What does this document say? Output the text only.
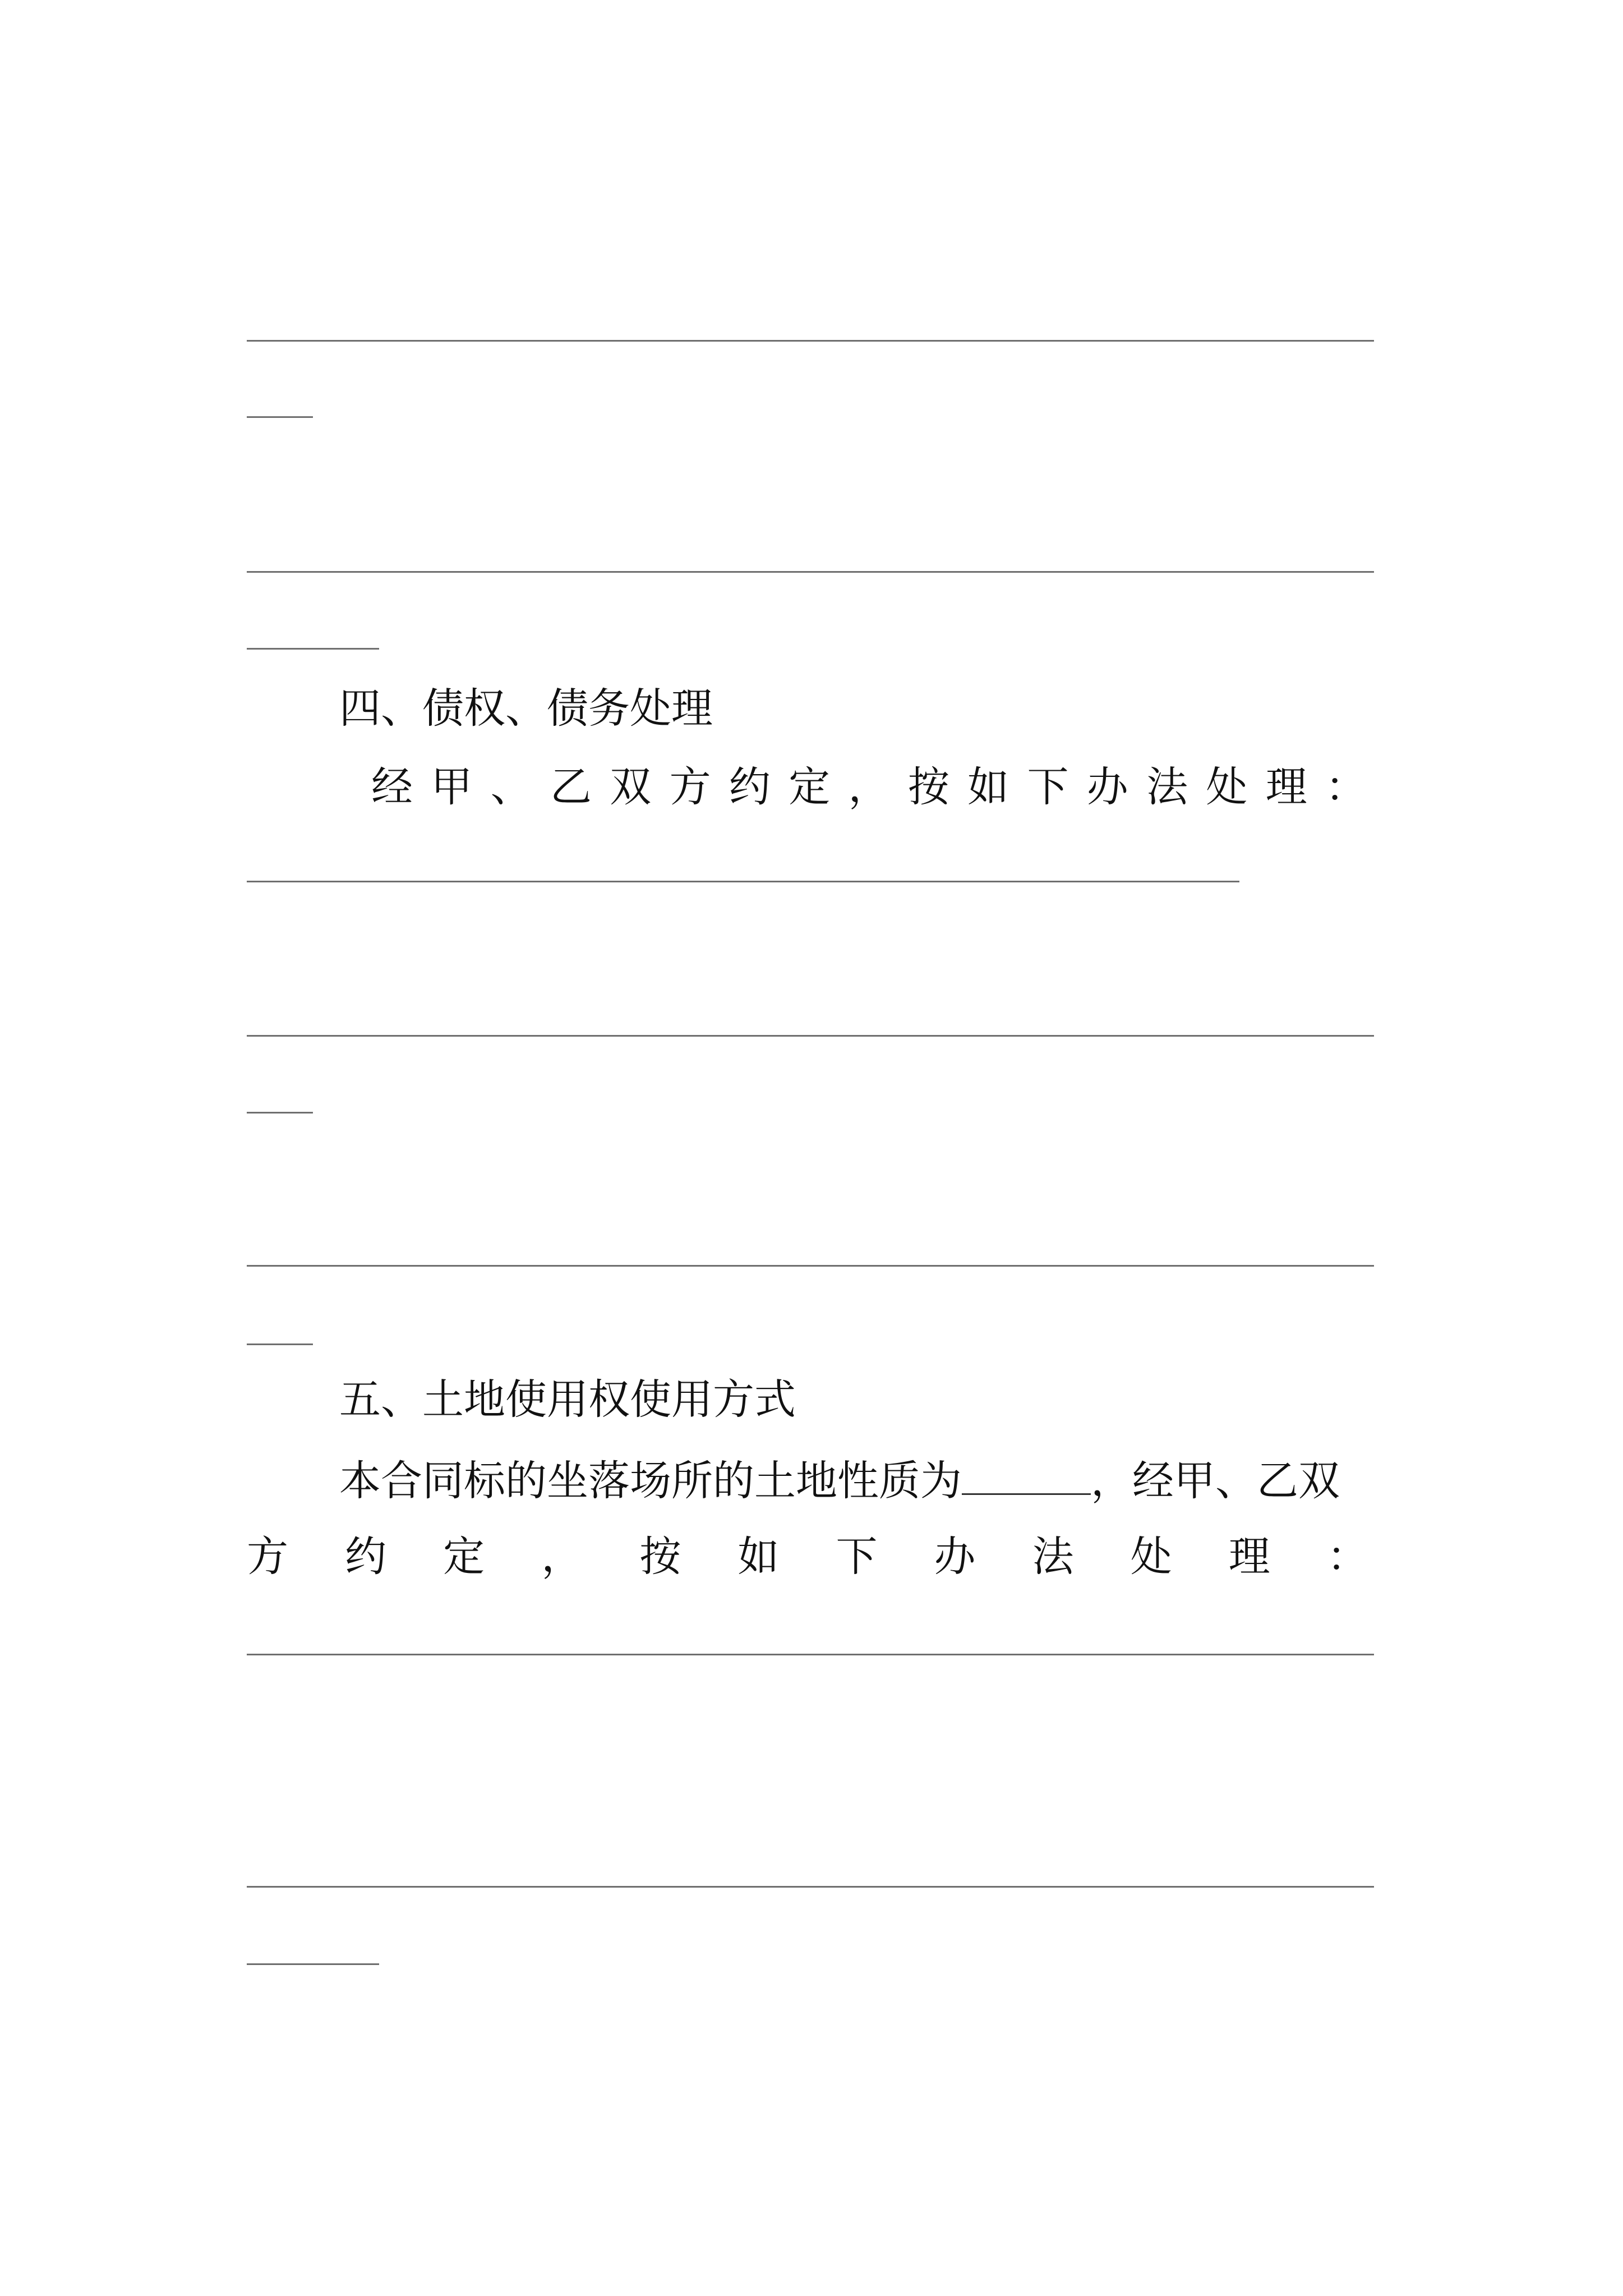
四、债权、债务处理
经 甲 、 乙 双 方 约 定 ， 按 如 下 办 法 处 理 ：
五、土地使用权使用方式
本合同标的坐落场所的土地性质为	，经甲、乙双
方 约 定 ， 按 如 下 办 法 处 理 ：
